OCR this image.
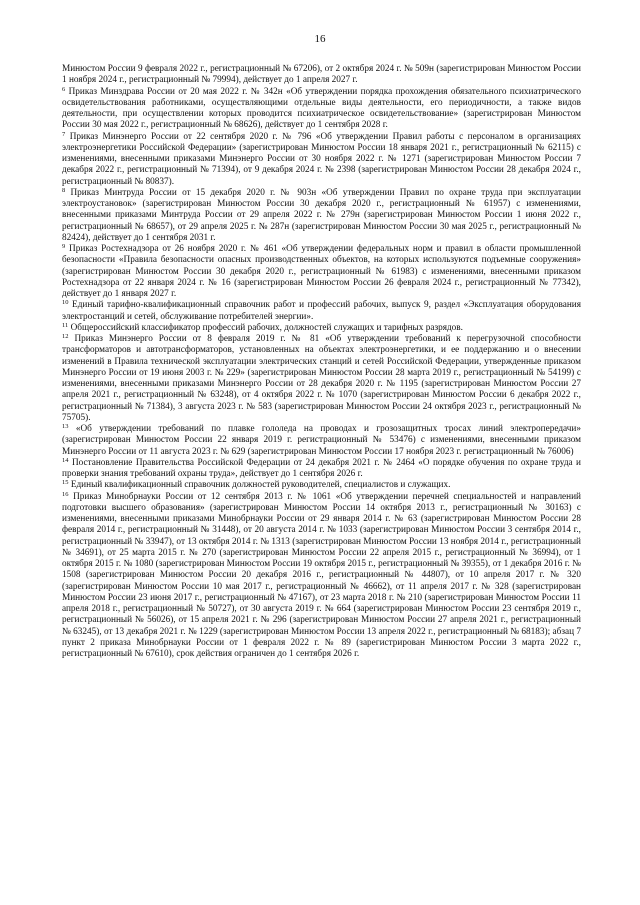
16

Минюстом России 9 февраля 2022 г., регистрационный № 67206), от 2 октября 2024 г. № 509н (зарегистрирован Минюстом России 1 ноября 2024 г., регистрационный № 79994), действует до 1 апреля 2027 г.

$^6$ Приказ Минздрава России от 20 мая 2022 г. № 342н «Об утверждении порядка прохождения обязательного психиатрического освидетельствования работниками, осуществляющими отдельные виды деятельности, его периодичности, а также видов деятельности, при осуществлении которых проводится психиатрическое освидетельствование» (зарегистрирован Минюстом России 30 мая 2022 г., регистрационный № 68626), действует до 1 сентября 2028 г.

$^7$ Приказ Минэнерго России от 22 сентября 2020 г. № 796 «Об утверждении Правил работы с персоналом в организациях электроэнергетики Российской Федерации» (зарегистрирован Минюстом России 18 января 2021 г., регистрационный № 62115) с изменениями, внесенными приказами Минэнерго России от 30 ноября 2022 г. № 1271 (зарегистрирован Минюстом России 7 декабря 2022 г., регистрационный № 71394), от 9 декабря 2024 г. № 2398 (зарегистрирован Минюстом России 28 декабря 2024 г., регистрационный № 80837).

$^8$ Приказ Минтруда России от 15 декабря 2020 г. № 903н «Об утверждении Правил по охране труда при эксплуатации электроустановок» (зарегистрирован Минюстом России 30 декабря 2020 г., регистрационный № 61957) с изменениями, внесенными приказами Минтруда России от 29 апреля 2022 г. № 279н (зарегистрирован Минюстом России 1 июня 2022 г., регистрационный № 68657), от 29 апреля 2025 г. № 287н (зарегистрирован Минюстом России 30 мая 2025 г., регистрационный № 82424), действует до 1 сентября 2031 г.

$^9$ Приказ Ростехнадзора от 26 ноября 2020 г. № 461 «Об утверждении федеральных норм и правил в области промышленной безопасности «Правила безопасности опасных производственных объектов, на которых используются подъемные сооружения» (зарегистрирован Минюстом России 30 декабря 2020 г., регистрационный № 61983) с изменениями, внесенными приказом Ростехнадзора от 22 января 2024 г. № 16 (зарегистрирован Минюстом России 26 февраля 2024 г., регистрационный № 77342), действует до 1 января 2027 г.

$^{10}$ Единый тарифно-квалификационный справочник работ и профессий рабочих, выпуск 9, раздел «Эксплуатация оборудования электростанций и сетей, обслуживание потребителей энергии».

$^{11}$ Общероссийский классификатор профессий рабочих, должностей служащих и тарифных разрядов.

$^{12}$ Приказ Минэнерго России от 8 февраля 2019 г. № 81 «Об утверждении требований к перегрузочной способности трансформаторов и автотрансформаторов, установленных на объектах электроэнергетики, и ее поддержанию и о внесении изменений в Правила технической эксплуатации электрических станций и сетей Российской Федерации, утвержденные приказом Минэнерго России от 19 июня 2003 г. № 229» (зарегистрирован Минюстом России 28 марта 2019 г., регистрационный № 54199) с изменениями, внесенными приказами Минэнерго России от 28 декабря 2020 г. № 1195 (зарегистрирован Минюстом России 27 апреля 2021 г., регистрационный № 63248), от 4 октября 2022 г. № 1070 (зарегистрирован Минюстом России 6 декабря 2022 г., регистрационный № 71384), 3 августа 2023 г. № 583 (зарегистрирован Минюстом России 24 октября 2023 г., регистрационный № 75705).

$^{13}$ «Об утверждении требований по плавке гололеда на проводах и грозозащитных тросах линий электропередачи» (зарегистрирован Минюстом России 22 января 2019 г. регистрационный № 53476) с изменениями, внесенными приказом Минэнерго России от 11 августа 2023 г. № 629 (зарегистрирован Минюстом России 17 ноября 2023 г. регистрационный № 76006)

$^{14}$ Постановление Правительства Российской Федерации от 24 декабря 2021 г. № 2464 «О порядке обучения по охране труда и проверки знания требований охраны труда», действует до 1 сентября 2026 г.

$^{15}$ Единый квалификационный справочник должностей руководителей, специалистов и служащих.

$^{16}$ Приказ Минобрнауки России от 12 сентября 2013 г. № 1061 «Об утверждении перечней специальностей и направлений подготовки высшего образования» (зарегистрирован Минюстом России 14 октября 2013 г., регистрационный № 30163) с изменениями, внесенными приказами Минобрнауки России от 29 января 2014 г. № 63 (зарегистрирован Минюстом России 28 февраля 2014 г., регистрационный № 31448), от 20 августа 2014 г. № 1033 (зарегистрирован Минюстом России 3 сентября 2014 г., регистрационный № 33947), от 13 октября 2014 г. № 1313 (зарегистрирован Минюстом России 13 ноября 2014 г., регистрационный № 34691), от 25 марта 2015 г. № 270 (зарегистрирован Минюстом России 22 апреля 2015 г., регистрационный № 36994), от 1 октября 2015 г. № 1080 (зарегистрирован Минюстом России 19 октября 2015 г., регистрационный № 39355), от 1 декабря 2016 г. № 1508 (зарегистрирован Минюстом России 20 декабря 2016 г., регистрационный № 44807), от 10 апреля 2017 г. № 320 (зарегистрирован Минюстом России 10 мая 2017 г., регистрационный № 46662), от 11 апреля 2017 г. № 328 (зарегистрирован Минюстом России 23 июня 2017 г., регистрационный № 47167), от 23 марта 2018 г. № 210 (зарегистрирован Минюстом России 11 апреля 2018 г., регистрационный № 50727), от 30 августа 2019 г. № 664 (зарегистрирован Минюстом России 23 сентября 2019 г., регистрационный № 56026), от 15 апреля 2021 г. № 296 (зарегистрирован Минюстом России 27 апреля 2021 г., регистрационный № 63245), от 13 декабря 2021 г. № 1229 (зарегистрирован Минюстом России 13 апреля 2022 г., регистрационный № 68183); абзац 7 пункт 2 приказа Минобрнауки России от 1 февраля 2022 г. № 89 (зарегистрирован Минюстом России 3 марта 2022 г., регистрационный № 67610), срок действия ограничен до 1 сентября 2026 г.
